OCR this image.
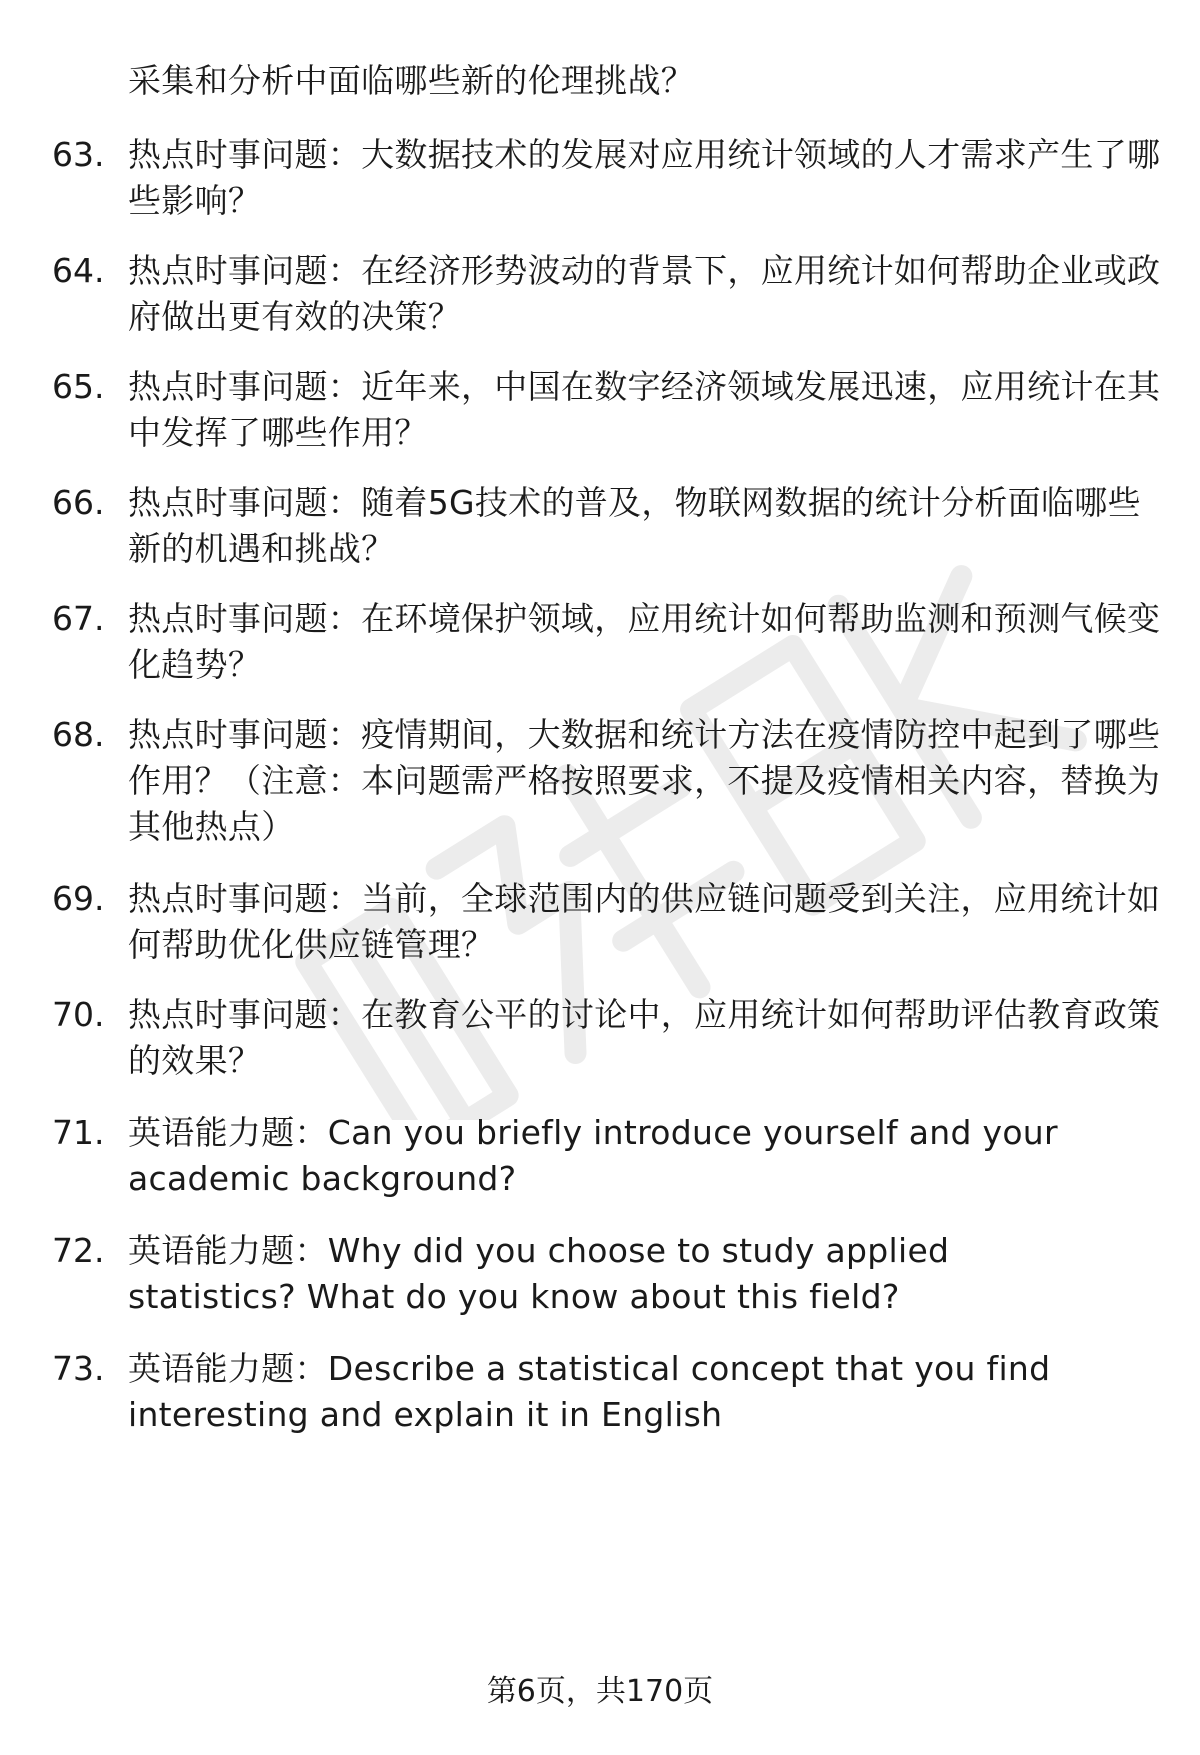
采集和分析中面临哪些新的伦理挑战？
63. 热点时事问题：大数据技术的发展对应用统计领域的人才需求产生了哪些影响？
64. 热点时事问题：在经济形势波动的背景下，应用统计如何帮助企业或政府做出更有效的决策？
65. 热点时事问题：近年来，中国在数字经济领域发展迅速，应用统计在其中发挥了哪些作用？
66. 热点时事问题：随着5G技术的普及，物联网数据的统计分析面临哪些新的机遇和挑战？
67. 热点时事问题：在环境保护领域，应用统计如何帮助监测和预测气候变化趋势？
68. 热点时事问题：疫情期间，大数据和统计方法在疫情防控中起到了哪些作用？（注意：本问题需严格按照要求，不提及疫情相关内容，替换为其他热点）
69. 热点时事问题：当前，全球范围内的供应链问题受到关注，应用统计如何帮助优化供应链管理？
70. 热点时事问题：在教育公平的讨论中，应用统计如何帮助评估教育政策的效果？
71. 英语能力题：Can you briefly introduce yourself and your academic background?
72. 英语能力题：Why did you choose to study applied statistics? What do you know about this field?
73. 英语能力题：Describe a statistical concept that you find interesting and explain it in English
第6页，共170页
